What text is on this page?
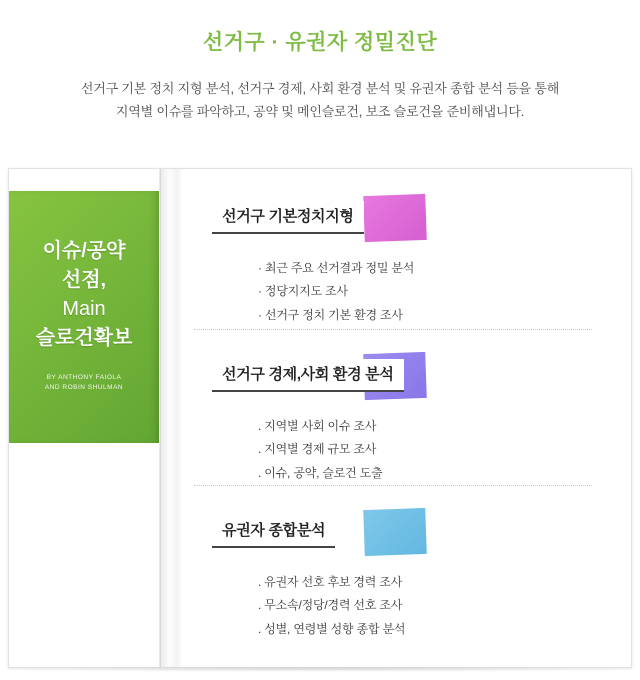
선거구 · 유권자 정밀진단
선거구 기본 정치 지형 분석, 선거구 경제, 사회 환경 분석 및 유권자 종합 분석 등을 통해
지역별 이슈를 파악하고, 공약 및 메인슬로건, 보조 슬로건을 준비해냅니다.
이슈/공약
선점,
Main
슬로건확보
BY ANTHONY FAIOLA
AND ROBIN SHULMAN
선거구 기본정치지형
· 최근 주요 선거결과 정밀 분석
· 정당지지도 조사
· 선거구 정치 기본 환경 조사
선거구 경제,사회 환경 분석
. 지역별 사회 이슈 조사
. 지역별 경제 규모 조사
. 이슈, 공약, 슬로건 도출
유권자 종합분석
. 유권자 선호 후보 경력 조사
. 무소속/정당/경력 선호 조사
. 성별, 연령별 성향 종합 분석
